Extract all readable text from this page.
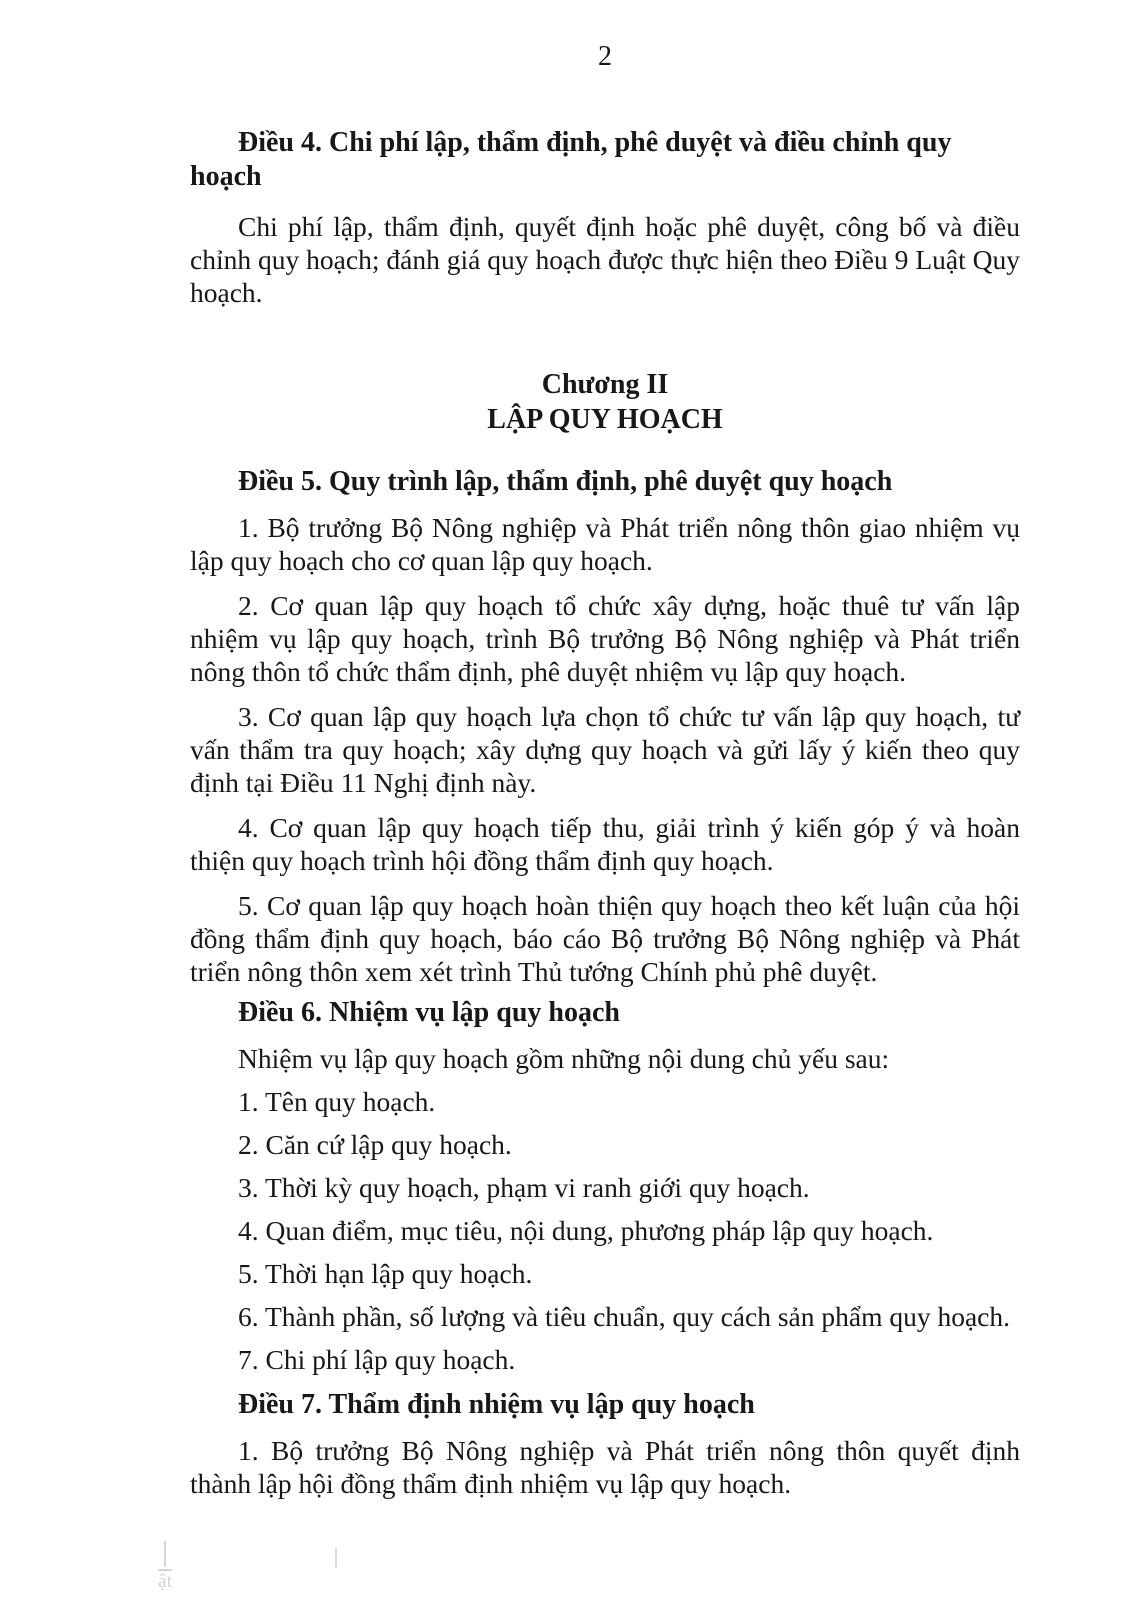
2
Điều 4. Chi phí lập, thẩm định, phê duyệt và điều chỉnh quy hoạch

Chi phí lập, thẩm định, quyết định hoặc phê duyệt, công bố và điều chỉnh quy hoạch; đánh giá quy hoạch được thực hiện theo Điều 9 Luật Quy hoạch.

Chương II
LẬP QUY HOẠCH
Điều 5. Quy trình lập, thẩm định, phê duyệt quy hoạch

1. Bộ trưởng Bộ Nông nghiệp và Phát triển nông thôn giao nhiệm vụ lập quy hoạch cho cơ quan lập quy hoạch.

2. Cơ quan lập quy hoạch tổ chức xây dựng, hoặc thuê tư vấn lập nhiệm vụ lập quy hoạch, trình Bộ trưởng Bộ Nông nghiệp và Phát triển nông thôn tổ chức thẩm định, phê duyệt nhiệm vụ lập quy hoạch.

3. Cơ quan lập quy hoạch lựa chọn tổ chức tư vấn lập quy hoạch, tư vấn thẩm tra quy hoạch; xây dựng quy hoạch và gửi lấy ý kiến theo quy định tại Điều 11 Nghị định này.

4. Cơ quan lập quy hoạch tiếp thu, giải trình ý kiến góp ý và hoàn thiện quy hoạch trình hội đồng thẩm định quy hoạch.

5. Cơ quan lập quy hoạch hoàn thiện quy hoạch theo kết luận của hội đồng thẩm định quy hoạch, báo cáo Bộ trưởng Bộ Nông nghiệp và Phát triển nông thôn xem xét trình Thủ tướng Chính phủ phê duyệt.

Điều 6. Nhiệm vụ lập quy hoạch

Nhiệm vụ lập quy hoạch gồm những nội dung chủ yếu sau:

1. Tên quy hoạch.

2. Căn cứ lập quy hoạch.

3. Thời kỳ quy hoạch, phạm vi ranh giới quy hoạch.

4. Quan điểm, mục tiêu, nội dung, phương pháp lập quy hoạch.

5. Thời hạn lập quy hoạch.

6. Thành phần, số lượng và tiêu chuẩn, quy cách sản phẩm quy hoạch.

7. Chi phí lập quy hoạch.

Điều 7. Thẩm định nhiệm vụ lập quy hoạch

1. Bộ trưởng Bộ Nông nghiệp và Phát triển nông thôn quyết định thành lập hội đồng thẩm định nhiệm vụ lập quy hoạch.

ật
